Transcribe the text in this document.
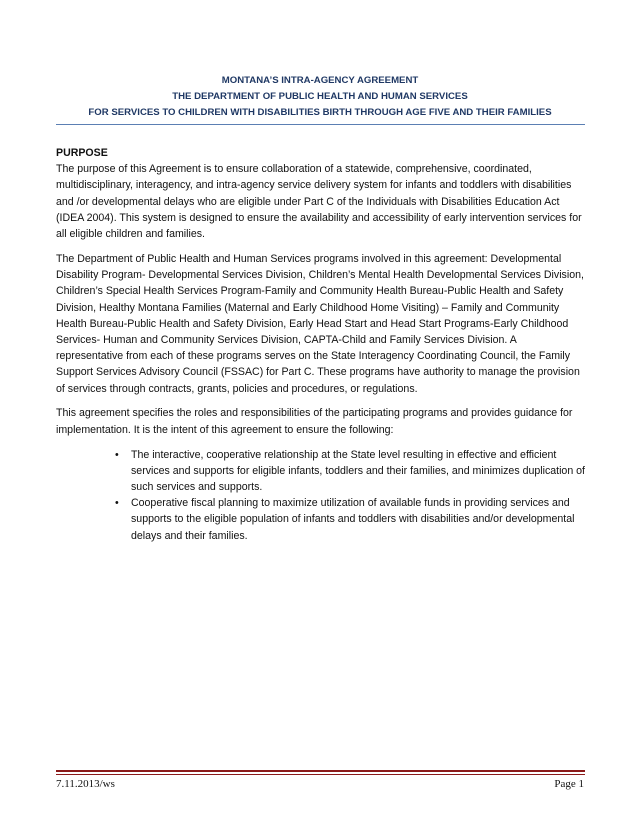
MONTANA’S INTRA-AGENCY AGREEMENT
THE DEPARTMENT OF PUBLIC HEALTH AND HUMAN SERVICES
FOR SERVICES TO CHILDREN WITH DISABILITIES BIRTH THROUGH AGE FIVE AND THEIR FAMILIES

PURPOSE

The purpose of this Agreement is to ensure collaboration of a statewide, comprehensive, coordinated, multidisciplinary, interagency, and intra-agency service delivery system for infants and toddlers with disabilities and /or developmental delays who are eligible under Part C of the Individuals with Disabilities Education Act (IDEA 2004). This system is designed to ensure the availability and accessibility of early intervention services for all eligible children and families.

The Department of Public Health and Human Services programs involved in this agreement: Developmental Disability Program- Developmental Services Division, Children’s Mental Health Developmental Services Division, Children’s Special Health Services Program-Family and Community Health Bureau-Public Health and Safety Division, Healthy Montana Families (Maternal and Early Childhood Home Visiting) – Family and Community Health Bureau-Public Health and Safety Division, Early Head Start and Head Start Programs-Early Childhood Services- Human and Community Services Division, CAPTA-Child and Family Services Division. A representative from each of these programs serves on the State Interagency Coordinating Council, the Family Support Services Advisory Council (FSSAC) for Part C. These programs have authority to manage the provision of services through contracts, grants, policies and procedures, or regulations.

This agreement specifies the roles and responsibilities of the participating programs and provides guidance for implementation. It is the intent of this agreement to ensure the following:

• The interactive, cooperative relationship at the State level resulting in effective and efficient services and supports for eligible infants, toddlers and their families, and minimizes duplication of such services and supports.
• Cooperative fiscal planning to maximize utilization of available funds in providing services and supports to the eligible population of infants and toddlers with disabilities and/or developmental delays and their families.
7.11.2013/ws	Page 1
